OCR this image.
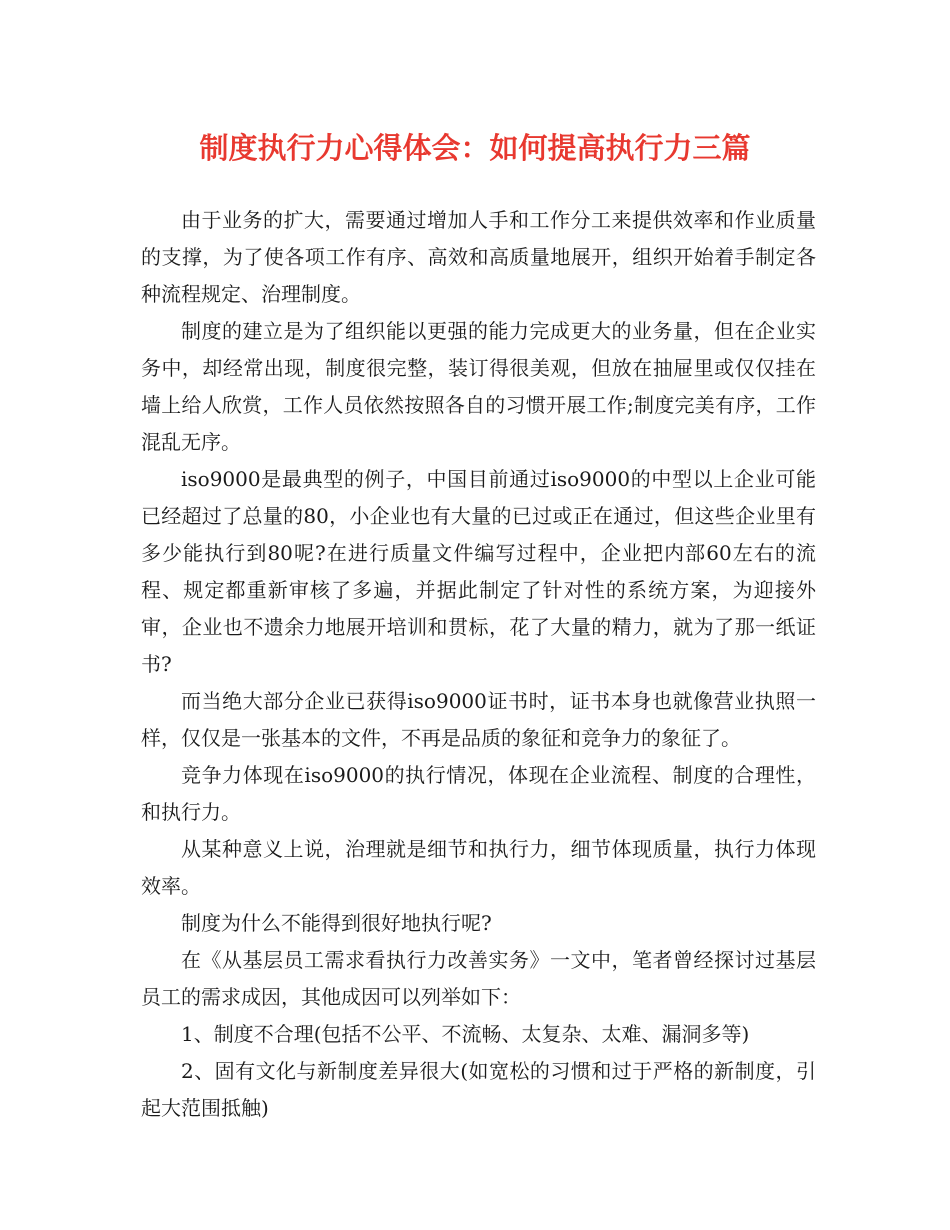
制度执行力心得体会：如何提高执行力三篇

由于业务的扩大，需要通过增加人手和工作分工来提供效率和作业质量的支撑，为了使各项工作有序、高效和高质量地展开，组织开始着手制定各种流程规定、治理制度。

制度的建立是为了组织能以更强的能力完成更大的业务量，但在企业实务中，却经常出现，制度很完整，装订得很美观，但放在抽屉里或仅仅挂在墙上给人欣赏，工作人员依然按照各自的习惯开展工作;制度完美有序，工作混乱无序。

iso9000是最典型的例子，中国目前通过iso9000的中型以上企业可能已经超过了总量的80，小企业也有大量的已过或正在通过，但这些企业里有多少能执行到80呢?在进行质量文件编写过程中，企业把内部60左右的流程、规定都重新审核了多遍，并据此制定了针对性的系统方案，为迎接外审，企业也不遗余力地展开培训和贯标，花了大量的精力，就为了那一纸证书?

而当绝大部分企业已获得iso9000证书时，证书本身也就像营业执照一样，仅仅是一张基本的文件，不再是品质的象征和竞争力的象征了。

竞争力体现在iso9000的执行情况，体现在企业流程、制度的合理性，和执行力。

从某种意义上说，治理就是细节和执行力，细节体现质量，执行力体现效率。

制度为什么不能得到很好地执行呢?

在《从基层员工需求看执行力改善实务》一文中，笔者曾经探讨过基层员工的需求成因，其他成因可以列举如下：

1、制度不合理(包括不公平、不流畅、太复杂、太难、漏洞多等)

2、固有文化与新制度差异很大(如宽松的习惯和过于严格的新制度，引起大范围抵触)
